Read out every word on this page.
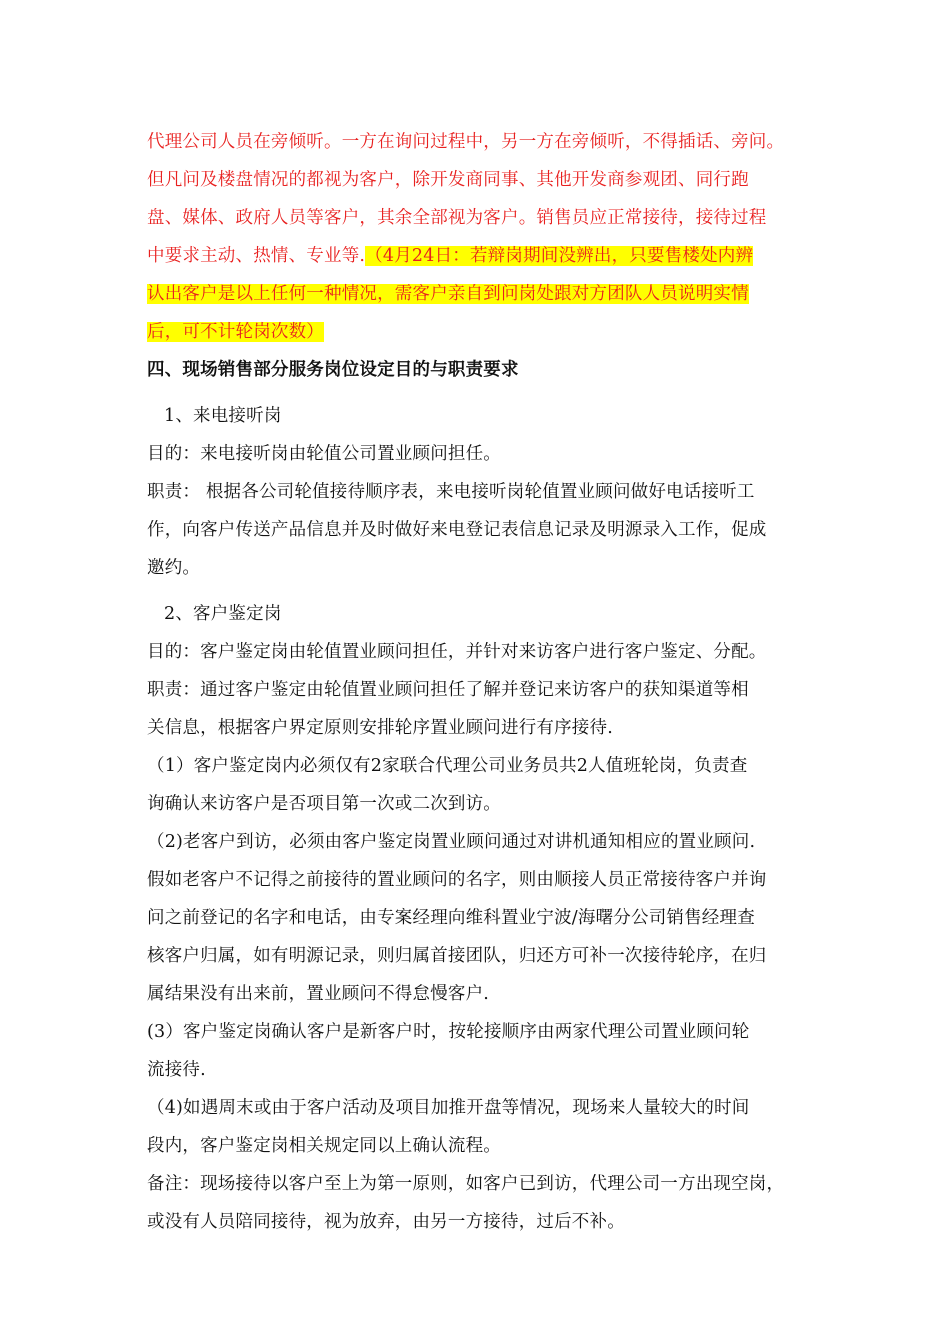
代理公司人员在旁倾听。一方在询问过程中，另一方在旁倾听，不得插话、旁问。
但凡问及楼盘情况的都视为客户，除开发商同事、其他开发商参观团、同行跑
盘、媒体、政府人员等客户，其余全部视为客户。销售员应正常接待，接待过程
中要求主动、热情、专业等.（4月24日：若辩岗期间没辨出，只要售楼处内辨
认出客户是以上任何一种情况，需客户亲自到问岗处跟对方团队人员说明实情
后，可不计轮岗次数）
四、现场销售部分服务岗位设定目的与职责要求
1、来电接听岗
目的：来电接听岗由轮值公司置业顾问担任。
职责： 根据各公司轮值接待顺序表，来电接听岗轮值置业顾问做好电话接听工
作，向客户传送产品信息并及时做好来电登记表信息记录及明源录入工作，促成
邀约。
2、客户鉴定岗
目的：客户鉴定岗由轮值置业顾问担任，并针对来访客户进行客户鉴定、分配。
职责：通过客户鉴定由轮值置业顾问担任了解并登记来访客户的获知渠道等相
关信息，根据客户界定原则安排轮序置业顾问进行有序接待.
（1）客户鉴定岗内必须仅有2家联合代理公司业务员共2人值班轮岗，负责查
询确认来访客户是否项目第一次或二次到访。
（2)老客户到访，必须由客户鉴定岗置业顾问通过对讲机通知相应的置业顾问.
假如老客户不记得之前接待的置业顾问的名字，则由顺接人员正常接待客户并询
问之前登记的名字和电话，由专案经理向维科置业宁波/海曙分公司销售经理查
核客户归属，如有明源记录，则归属首接团队，归还方可补一次接待轮序，在归
属结果没有出来前，置业顾问不得怠慢客户.
(3）客户鉴定岗确认客户是新客户时，按轮接顺序由两家代理公司置业顾问轮
流接待.
（4)如遇周末或由于客户活动及项目加推开盘等情况，现场来人量较大的时间
段内，客户鉴定岗相关规定同以上确认流程。
备注：现场接待以客户至上为第一原则，如客户已到访，代理公司一方出现空岗，
或没有人员陪同接待，视为放弃，由另一方接待，过后不补。
